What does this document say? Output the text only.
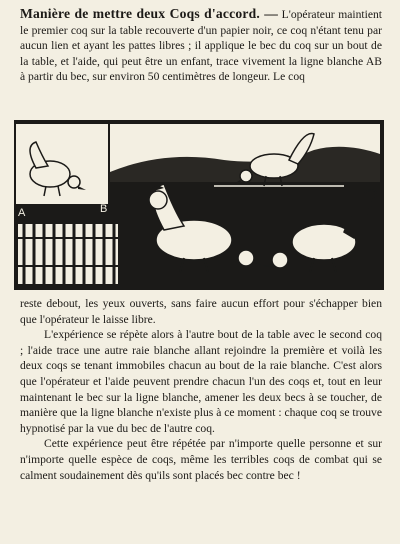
Manière de mettre deux Coqs d'accord. — L'opérateur maintient le premier coq sur la table recouverte d'un papier noir, ce coq n'étant tenu par aucun lien et ayant les pattes libres ; il applique le bec du coq sur un bout de la table, et l'aide, qui peut être un enfant, trace vivement la ligne blanche AB à partir du bec, sur environ 50 centimètres de longeur. Le coq

A	B

reste debout, les yeux ouverts, sans faire aucun effort pour s'échapper bien que l'opérateur le laisse libre.

L'expérience se répète alors à l'autre bout de la table avec le second coq ; l'aide trace une autre raie blanche allant rejoindre la première et voilà les deux coqs se tenant immobiles chacun au bout de la raie blanche. C'est alors que l'opérateur et l'aide peuvent prendre chacun l'un des coqs et, tout en leur maintenant le bec sur la ligne blanche, amener les deux becs à se toucher, de manière que la ligne blanche n'existe plus à ce moment : chaque coq se trouve hypnotisé par la vue du bec de l'autre coq.

Cette expérience peut être répétée par n'importe quelle personne et sur n'importe quelle espèce de coqs, même les terribles coqs de combat qui se calment soudainement dès qu'ils sont placés bec contre bec !
